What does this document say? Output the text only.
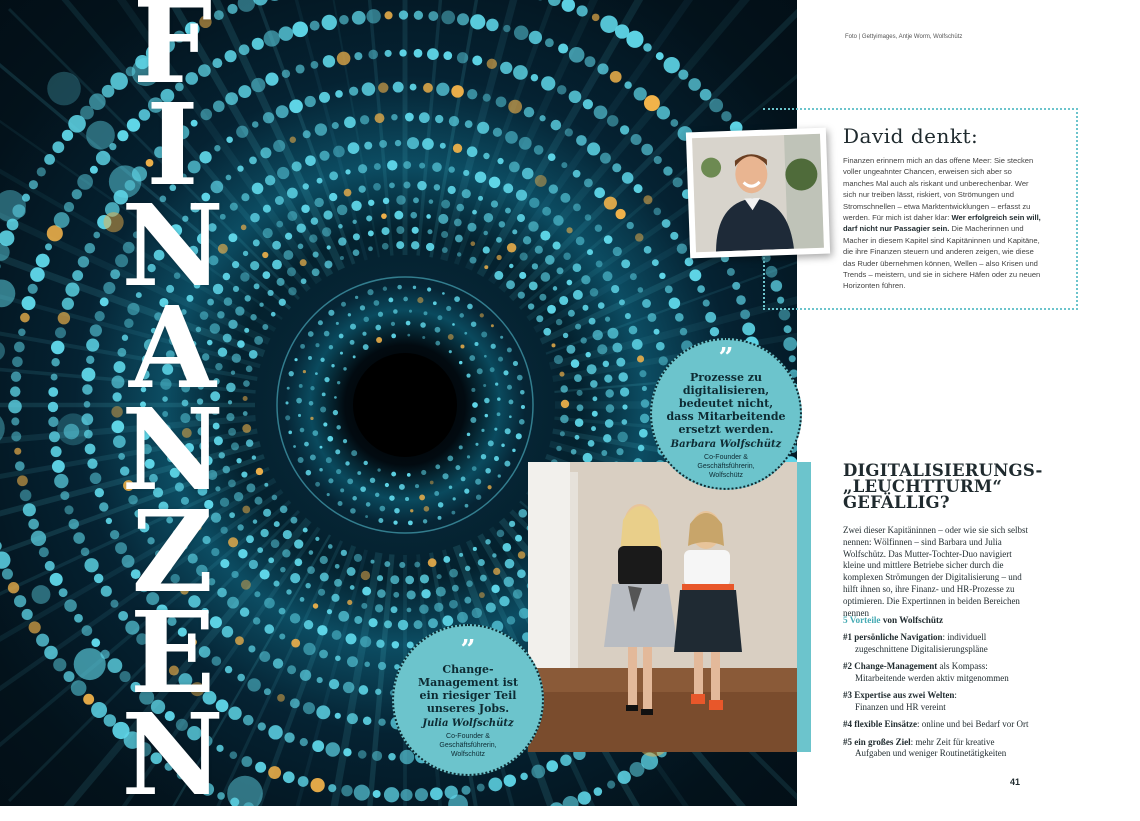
F
I
N
A
N
Z
E
N
”
Prozesse zu digitalisieren, bedeutet nicht, dass Mitarbeitende ersetzt werden.
Barbara Wolfschütz
Co-Founder & Geschäftsführerin, Wolfschütz
”
Change-Management ist ein riesiger Teil unseres Jobs.
Julia Wolfschütz
Co-Founder & Geschäftsführerin, Wolfschütz
Foto | Gettyimages, Antje Worm, Wolfschütz
David denkt:
Finanzen erinnern mich an das offene Meer: Sie stecken voller ungeahnter Chancen, erweisen sich aber so manches Mal auch als riskant und unberechenbar. Wer sich nur treiben lässt, riskiert, von Strömungen und Stromschnellen – etwa Marktentwicklungen – erfasst zu werden. Für mich ist daher klar: Wer erfolgreich sein will, darf nicht nur Passagier sein. Die Macherinnen und Macher in diesem Kapitel sind Kapitäninnen und Kapitäne, die ihre Finanzen steuern und anderen zeigen, wie diese das Ruder übernehmen können, Wellen – also Krisen und Trends – meistern, und sie in sichere Häfen oder zu neuen Horizonten führen.
DIGITALISIERUNGS-
„LEUCHTTURM“
GEFÄLLIG?
Zwei dieser Kapitäninnen – oder wie sie sich selbst nennen: Wölfinnen – sind Barbara und Julia Wolfschütz. Das Mutter-Tochter-Duo navigiert kleine und mittlere Betriebe sicher durch die komplexen Strömungen der Digitalisierung – und hilft ihnen so, ihre Finanz- und HR-Prozesse zu optimieren. Die Expertinnen in beiden Bereichen nennen
5 Vorteile von Wolfschütz
#1 persönliche Navigation: individuell
zugeschnittene Digitalisierungspläne
#2 Change-Management als Kompass:
Mitarbeitende werden aktiv mitgenommen
#3 Expertise aus zwei Welten:
Finanzen und HR vereint
#4 flexible Einsätze: online und bei Bedarf vor Ort
#5 ein großes Ziel: mehr Zeit für kreative
Aufgaben und weniger Routinetätigkeiten
41
